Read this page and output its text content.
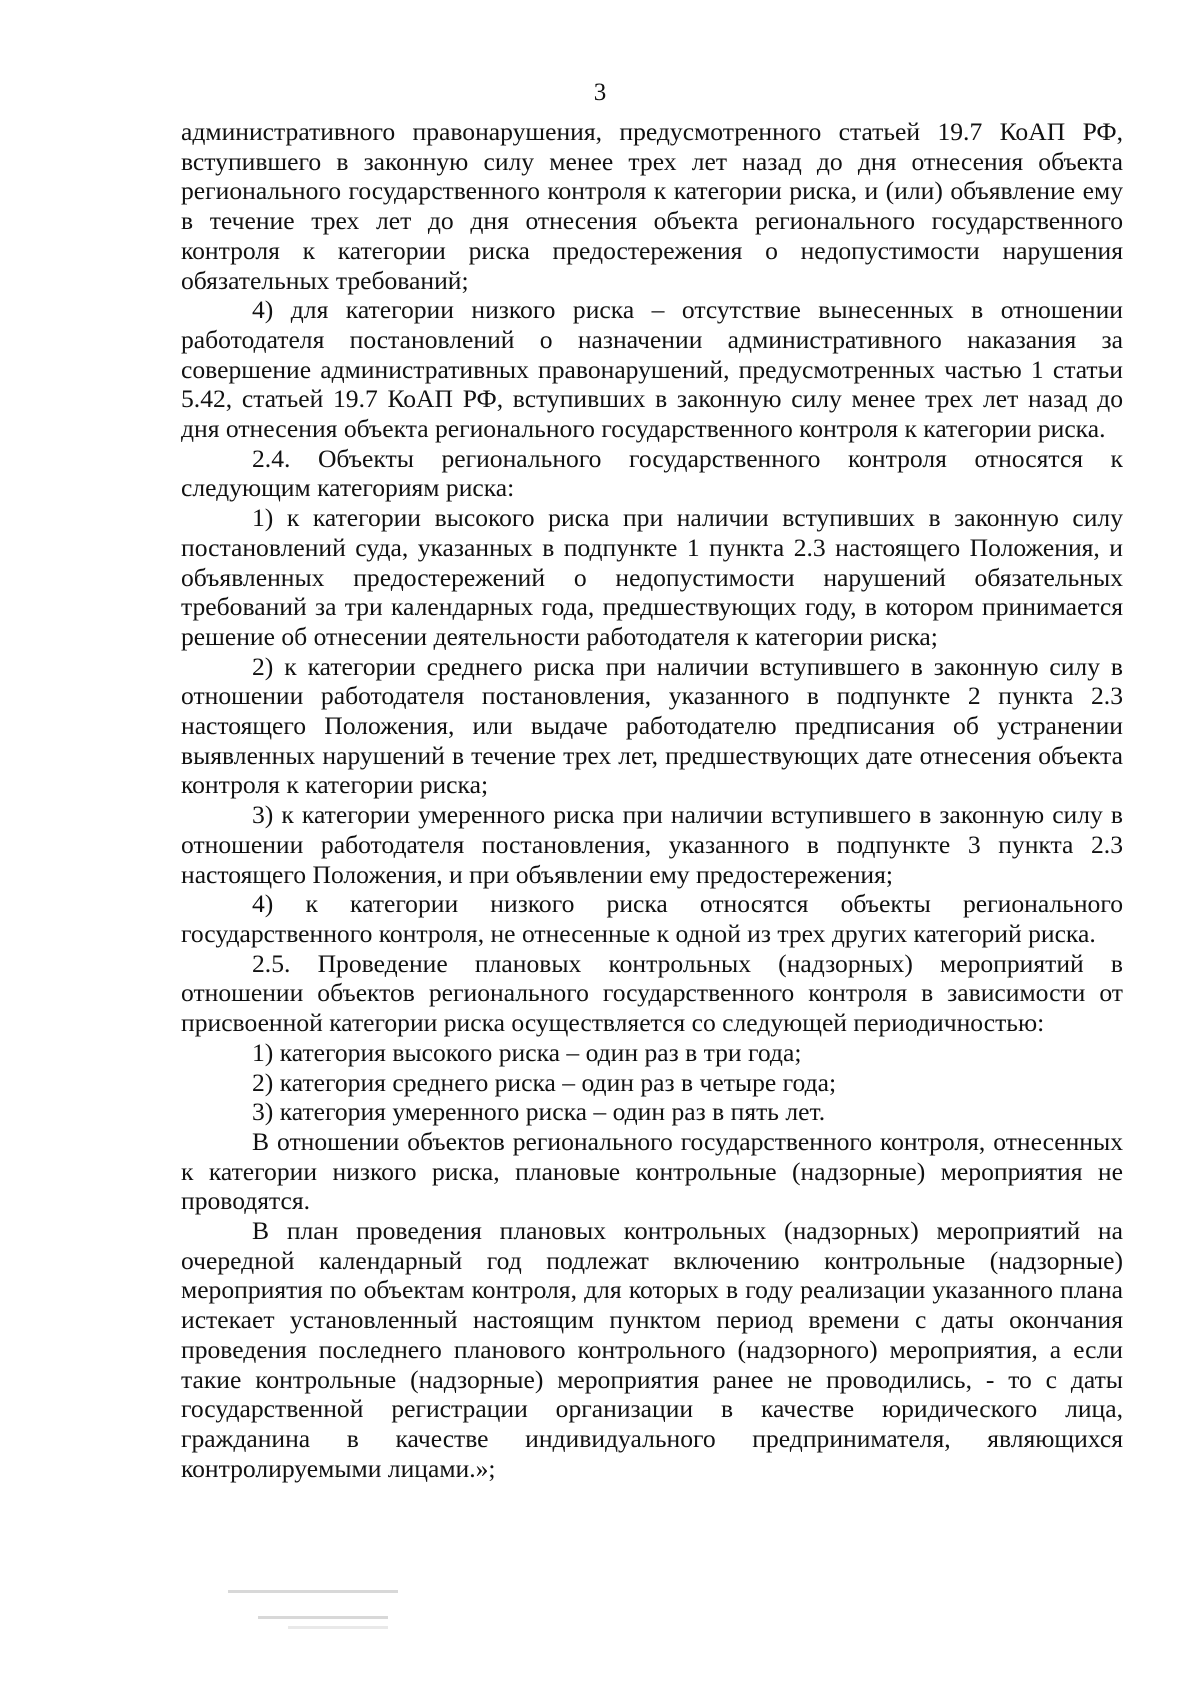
3

административного правонарушения, предусмотренного статьей 19.7 КоАП РФ, вступившего в законную силу менее трех лет назад до дня отнесения объекта регионального государственного контроля к категории риска, и (или) объявление ему в течение трех лет до дня отнесения объекта регионального государственного контроля к категории риска предостережения о недопустимости нарушения обязательных требований;

4) для категории низкого риска – отсутствие вынесенных в отношении работодателя постановлений о назначении административного наказания за совершение административных правонарушений, предусмотренных частью 1 статьи 5.42, статьей 19.7 КоАП РФ, вступивших в законную силу менее трех лет назад до дня отнесения объекта регионального государственного контроля к категории риска.

2.4. Объекты регионального государственного контроля относятся к следующим категориям риска:

1) к категории высокого риска при наличии вступивших в законную силу постановлений суда, указанных в подпункте 1 пункта 2.3 настоящего Положения, и объявленных предостережений о недопустимости нарушений обязательных требований за три календарных года, предшествующих году, в котором принимается решение об отнесении деятельности работодателя к категории риска;

2) к категории среднего риска при наличии вступившего в законную силу в отношении работодателя постановления, указанного в подпункте 2 пункта 2.3 настоящего Положения, или выдаче работодателю предписания об устранении выявленных нарушений в течение трех лет, предшествующих дате отнесения объекта контроля к категории риска;

3) к категории умеренного риска при наличии вступившего в законную силу в отношении работодателя постановления, указанного в подпункте 3 пункта 2.3 настоящего Положения, и при объявлении ему предостережения;

4) к категории низкого риска относятся объекты регионального государственного контроля, не отнесенные к одной из трех других категорий риска.

2.5. Проведение плановых контрольных (надзорных) мероприятий в отношении объектов регионального государственного контроля в зависимости от присвоенной категории риска осуществляется со следующей периодичностью:

1) категория высокого риска – один раз в три года;

2) категория среднего риска – один раз в четыре года;

3) категория умеренного риска – один раз в пять лет.

В отношении объектов регионального государственного контроля, отнесенных к категории низкого риска, плановые контрольные (надзорные) мероприятия не проводятся.

В план проведения плановых контрольных (надзорных) мероприятий на очередной календарный год подлежат включению контрольные (надзорные) мероприятия по объектам контроля, для которых в году реализации указанного плана истекает установленный настоящим пунктом период времени с даты окончания проведения последнего планового контрольного (надзорного) мероприятия, а если такие контрольные (надзорные) мероприятия ранее не проводились, - то с даты государственной регистрации организации в качестве юридического лица, гражданина в качестве индивидуального предпринимателя, являющихся контролируемыми лицами.»;
